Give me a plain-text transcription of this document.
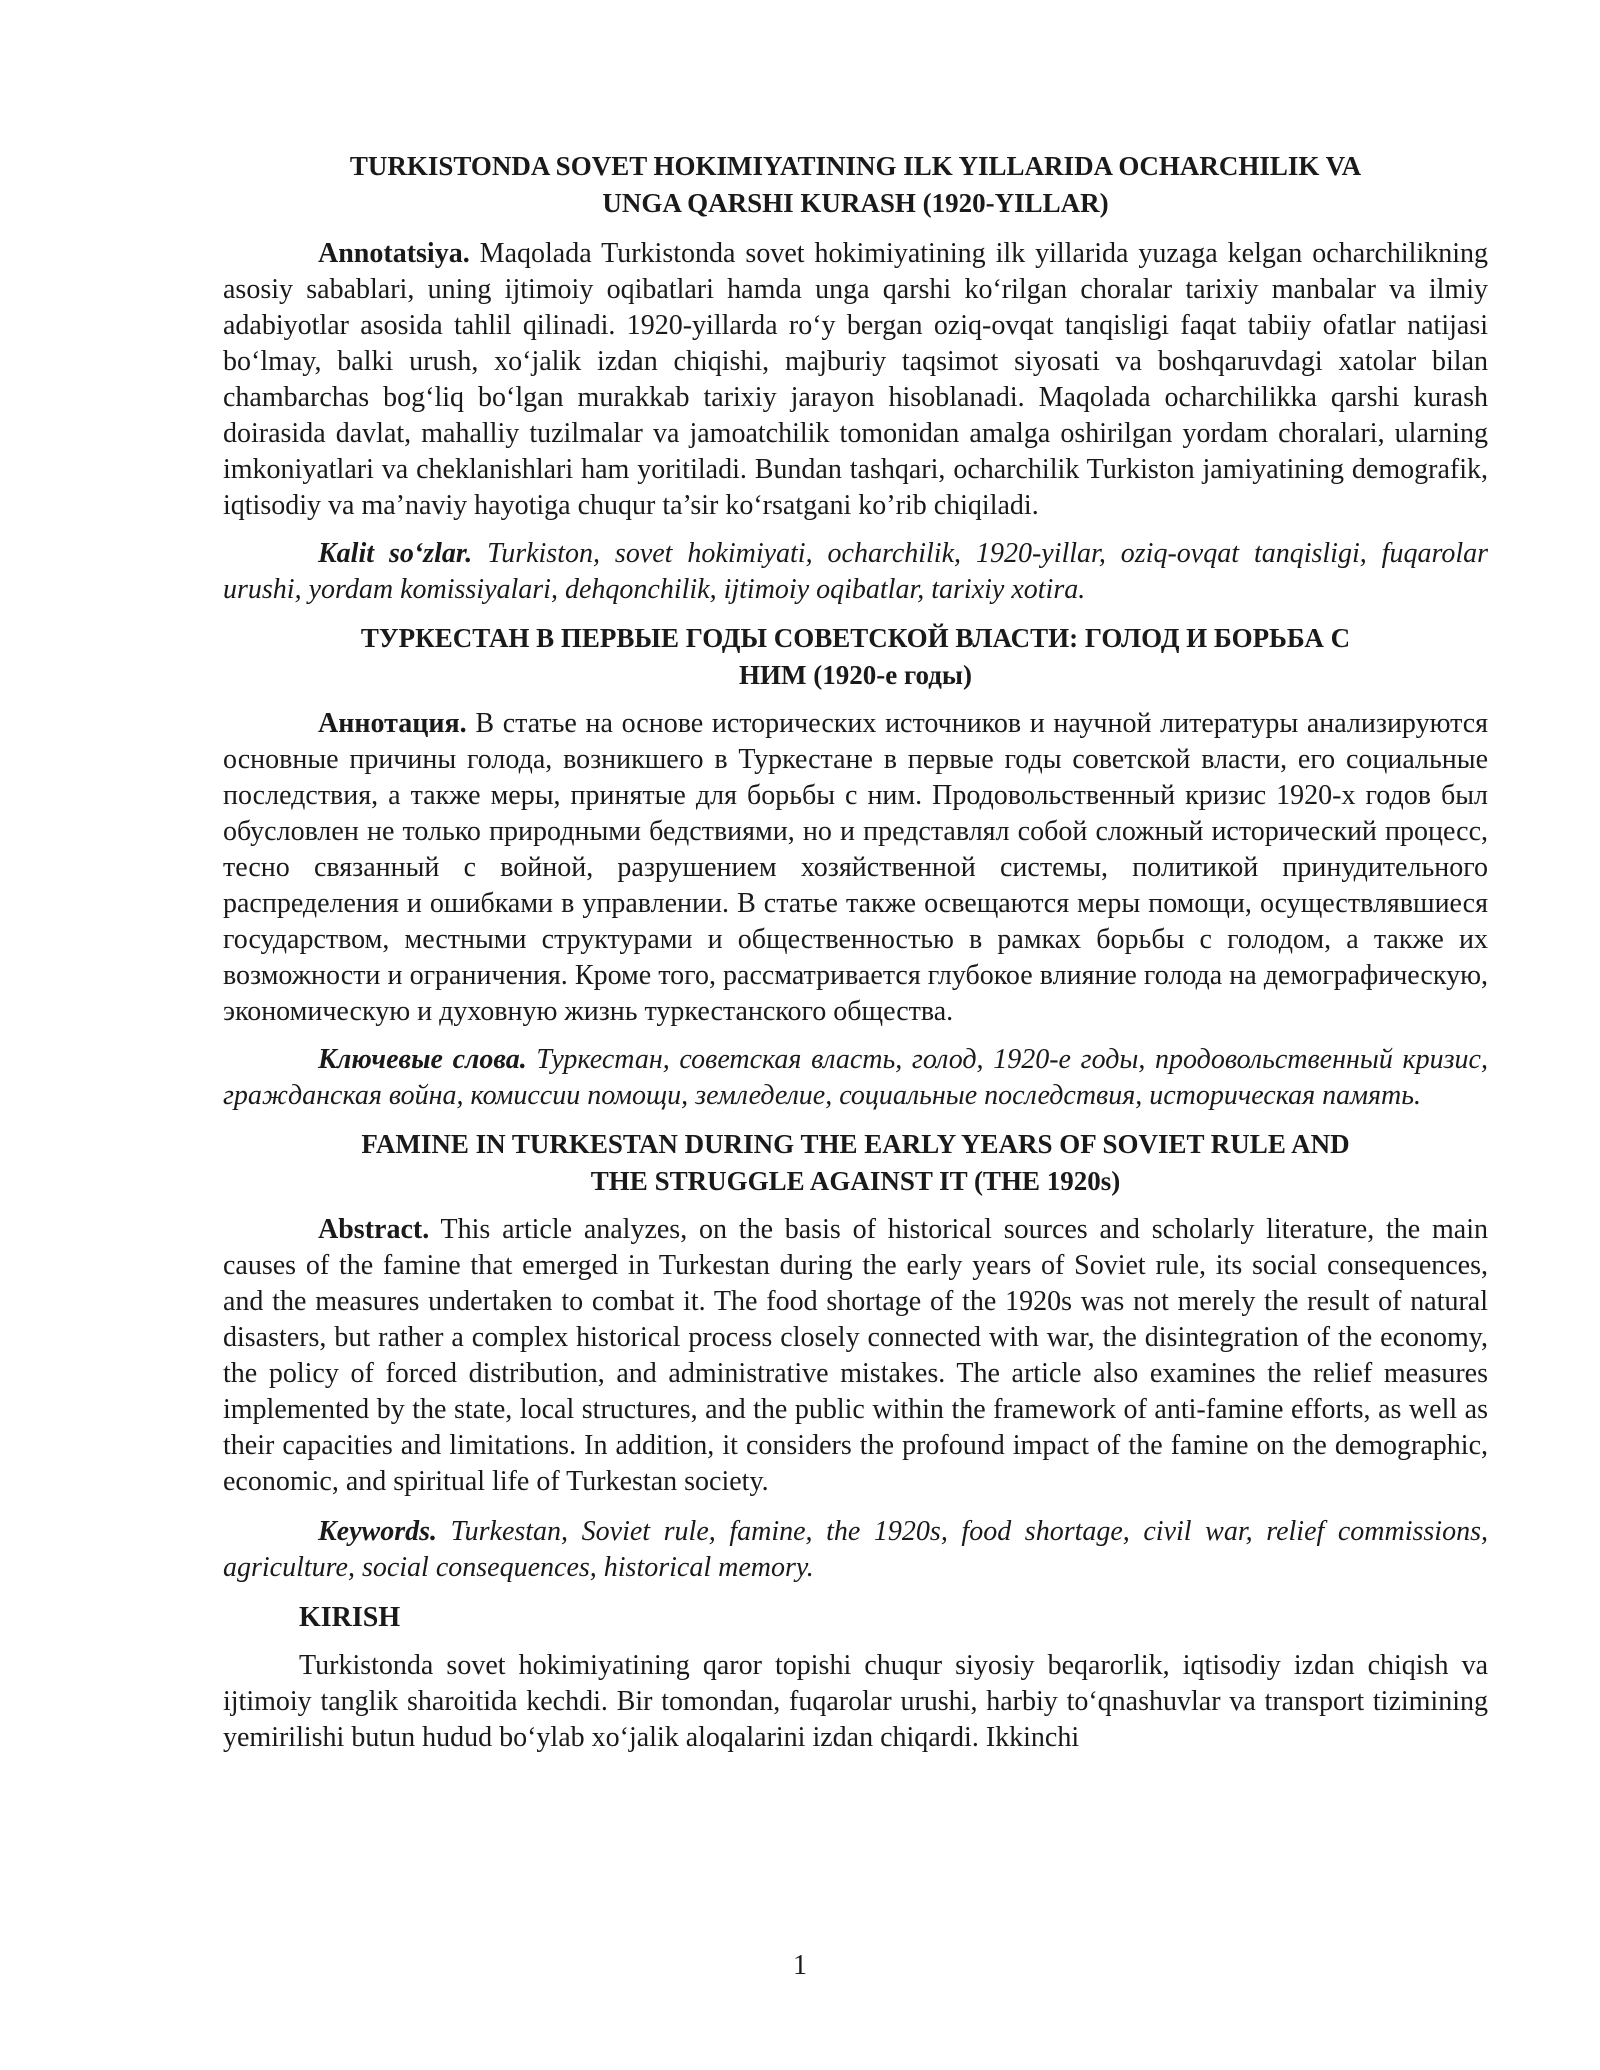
TURKISTONDA SOVET HOKIMIYATINING ILK YILLARIDA OCHARCHILIK VA
UNGA QARSHI KURASH (1920-YILLAR)

Annotatsiya. Maqolada Turkistonda sovet hokimiyatining ilk yillarida yuzaga kelgan ocharchilikning asosiy sabablari, uning ijtimoiy oqibatlari hamda unga qarshi ko‘rilgan choralar tarixiy manbalar va ilmiy adabiyotlar asosida tahlil qilinadi. 1920-yillarda ro‘y bergan oziq-ovqat tanqisligi faqat tabiiy ofatlar natijasi bo‘lmay, balki urush, xo‘jalik izdan chiqishi, majburiy taqsimot siyosati va boshqaruvdagi xatolar bilan chambarchas bog‘liq bo‘lgan murakkab tarixiy jarayon hisoblanadi. Maqolada ocharchilikka qarshi kurash doirasida davlat, mahalliy tuzilmalar va jamoatchilik tomonidan amalga oshirilgan yordam choralari, ularning imkoniyatlari va cheklanishlari ham yoritiladi. Bundan tashqari, ocharchilik Turkiston jamiyatining demografik, iqtisodiy va ma’naviy hayotiga chuqur ta’sir ko‘rsatgani ko’rib chiqiladi.

Kalit so‘zlar. Turkiston, sovet hokimiyati, ocharchilik, 1920-yillar, oziq-ovqat tanqisligi, fuqarolar urushi, yordam komissiyalari, dehqonchilik, ijtimoiy oqibatlar, tarixiy xotira.

ТУРКЕСТАН В ПЕРВЫЕ ГОДЫ СОВЕТСКОЙ ВЛАСТИ: ГОЛОД И БОРЬБА С
НИМ (1920-е годы)

Аннотация. В статье на основе исторических источников и научной литературы анализируются основные причины голода, возникшего в Туркестане в первые годы советской власти, его социальные последствия, а также меры, принятые для борьбы с ним. Продовольственный кризис 1920-х годов был обусловлен не только природными бедствиями, но и представлял собой сложный исторический процесс, тесно связанный с войной, разрушением хозяйственной системы, политикой принудительного распределения и ошибками в управлении. В статье также освещаются меры помощи, осуществлявшиеся государством, местными структурами и общественностью в рамках борьбы с голодом, а также их возможности и ограничения. Кроме того, рассматривается глубокое влияние голода на демографическую, экономическую и духовную жизнь туркестанского общества.

Ключевые слова. Туркестан, советская власть, голод, 1920-е годы, продовольственный кризис, гражданская война, комиссии помощи, земледелие, социальные последствия, историческая память.

FAMINE IN TURKESTAN DURING THE EARLY YEARS OF SOVIET RULE AND
THE STRUGGLE AGAINST IT (THE 1920s)

Abstract. This article analyzes, on the basis of historical sources and scholarly literature, the main causes of the famine that emerged in Turkestan during the early years of Soviet rule, its social consequences, and the measures undertaken to combat it. The food shortage of the 1920s was not merely the result of natural disasters, but rather a complex historical process closely connected with war, the disintegration of the economy, the policy of forced distribution, and administrative mistakes. The article also examines the relief measures implemented by the state, local structures, and the public within the framework of anti-famine efforts, as well as their capacities and limitations. In addition, it considers the profound impact of the famine on the demographic, economic, and spiritual life of Turkestan society.

Keywords. Turkestan, Soviet rule, famine, the 1920s, food shortage, civil war, relief commissions, agriculture, social consequences, historical memory.

KIRISH

Turkistonda sovet hokimiyatining qaror topishi chuqur siyosiy beqarorlik, iqtisodiy izdan chiqish va ijtimoiy tanglik sharoitida kechdi. Bir tomondan, fuqarolar urushi, harbiy to‘qnashuvlar va transport tizimining yemirilishi butun hudud bo‘ylab xo‘jalik aloqalarini izdan chiqardi. Ikkinchi

1
